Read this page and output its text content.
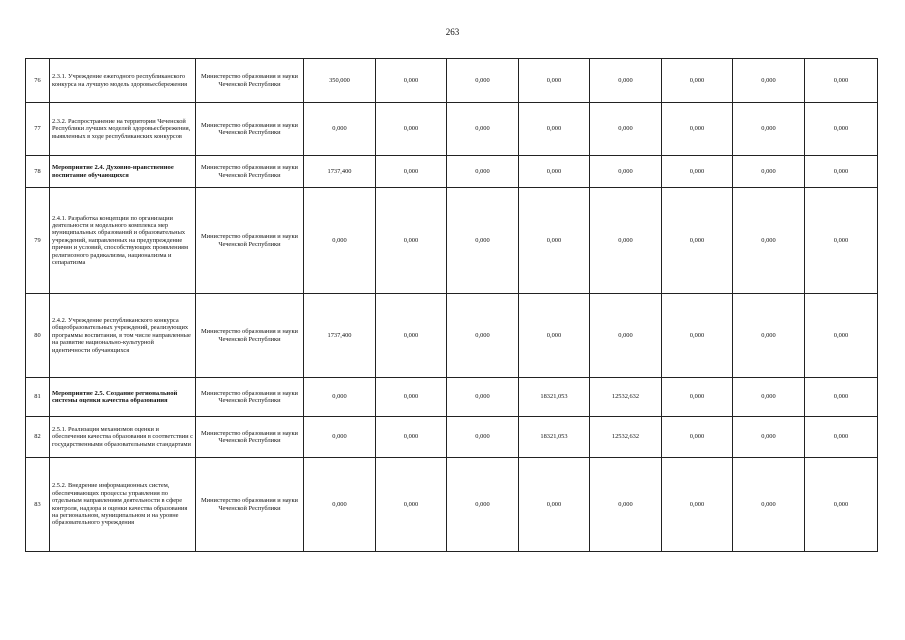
263
76	2.3.1. Учреждение ежегодного республиканского конкурса на лучшую модель здоровьесбережения	Министерство образования и науки Чеченской Республики	350,000	0,000	0,000	0,000	0,000	0,000	0,000	0,000
77	2.3.2. Распространение на территории Чеченской Республики лучших моделей здоровьесбережения, выявленных в ходе республиканских конкурсов	Министерство образования и науки Чеченской Республики	0,000	0,000	0,000	0,000	0,000	0,000	0,000	0,000
78	Мероприятие 2.4. Духовно-нравственное воспитание обучающихся	Министерство образования и науки Чеченской Республики	1737,400	0,000	0,000	0,000	0,000	0,000	0,000	0,000
79	2.4.1. Разработка концепции по организации деятельности и модельного комплекса мер муниципальных образований и образовательных учреждений, направленных на предупреждение причин и условий, способствующих проявлениям религиозного радикализма, национализма и сепаратизма	Министерство образования и науки Чеченской Республики	0,000	0,000	0,000	0,000	0,000	0,000	0,000	0,000
80	2.4.2. Учреждение республиканского конкурса общеобразовательных учреждений, реализующих программы воспитания, в том числе направленные на развитие национально-культурной идентичности обучающихся	Министерство образования и науки Чеченской Республики	1737,400	0,000	0,000	0,000	0,000	0,000	0,000	0,000
81	Мероприятие 2.5. Создание региональной системы оценки качества образования	Министерство образования и науки Чеченской Республики	0,000	0,000	0,000	18321,053	12532,632	0,000	0,000	0,000
82	2.5.1. Реализация механизмов оценки и обеспечения качества образования в соответствии с государственными образовательными стандартами	Министерство образования и науки Чеченской Республики	0,000	0,000	0,000	18321,053	12532,632	0,000	0,000	0,000
83	2.5.2. Внедрение информационных систем, обеспечивающих процессы управления по отдельным направлениям деятельности в сфере контроля, надзора и оценки качества образования на региональном, муниципальном и на уровне образовательного учреждения	Министерство образования и науки Чеченской Республики	0,000	0,000	0,000	0,000	0,000	0,000	0,000	0,000
